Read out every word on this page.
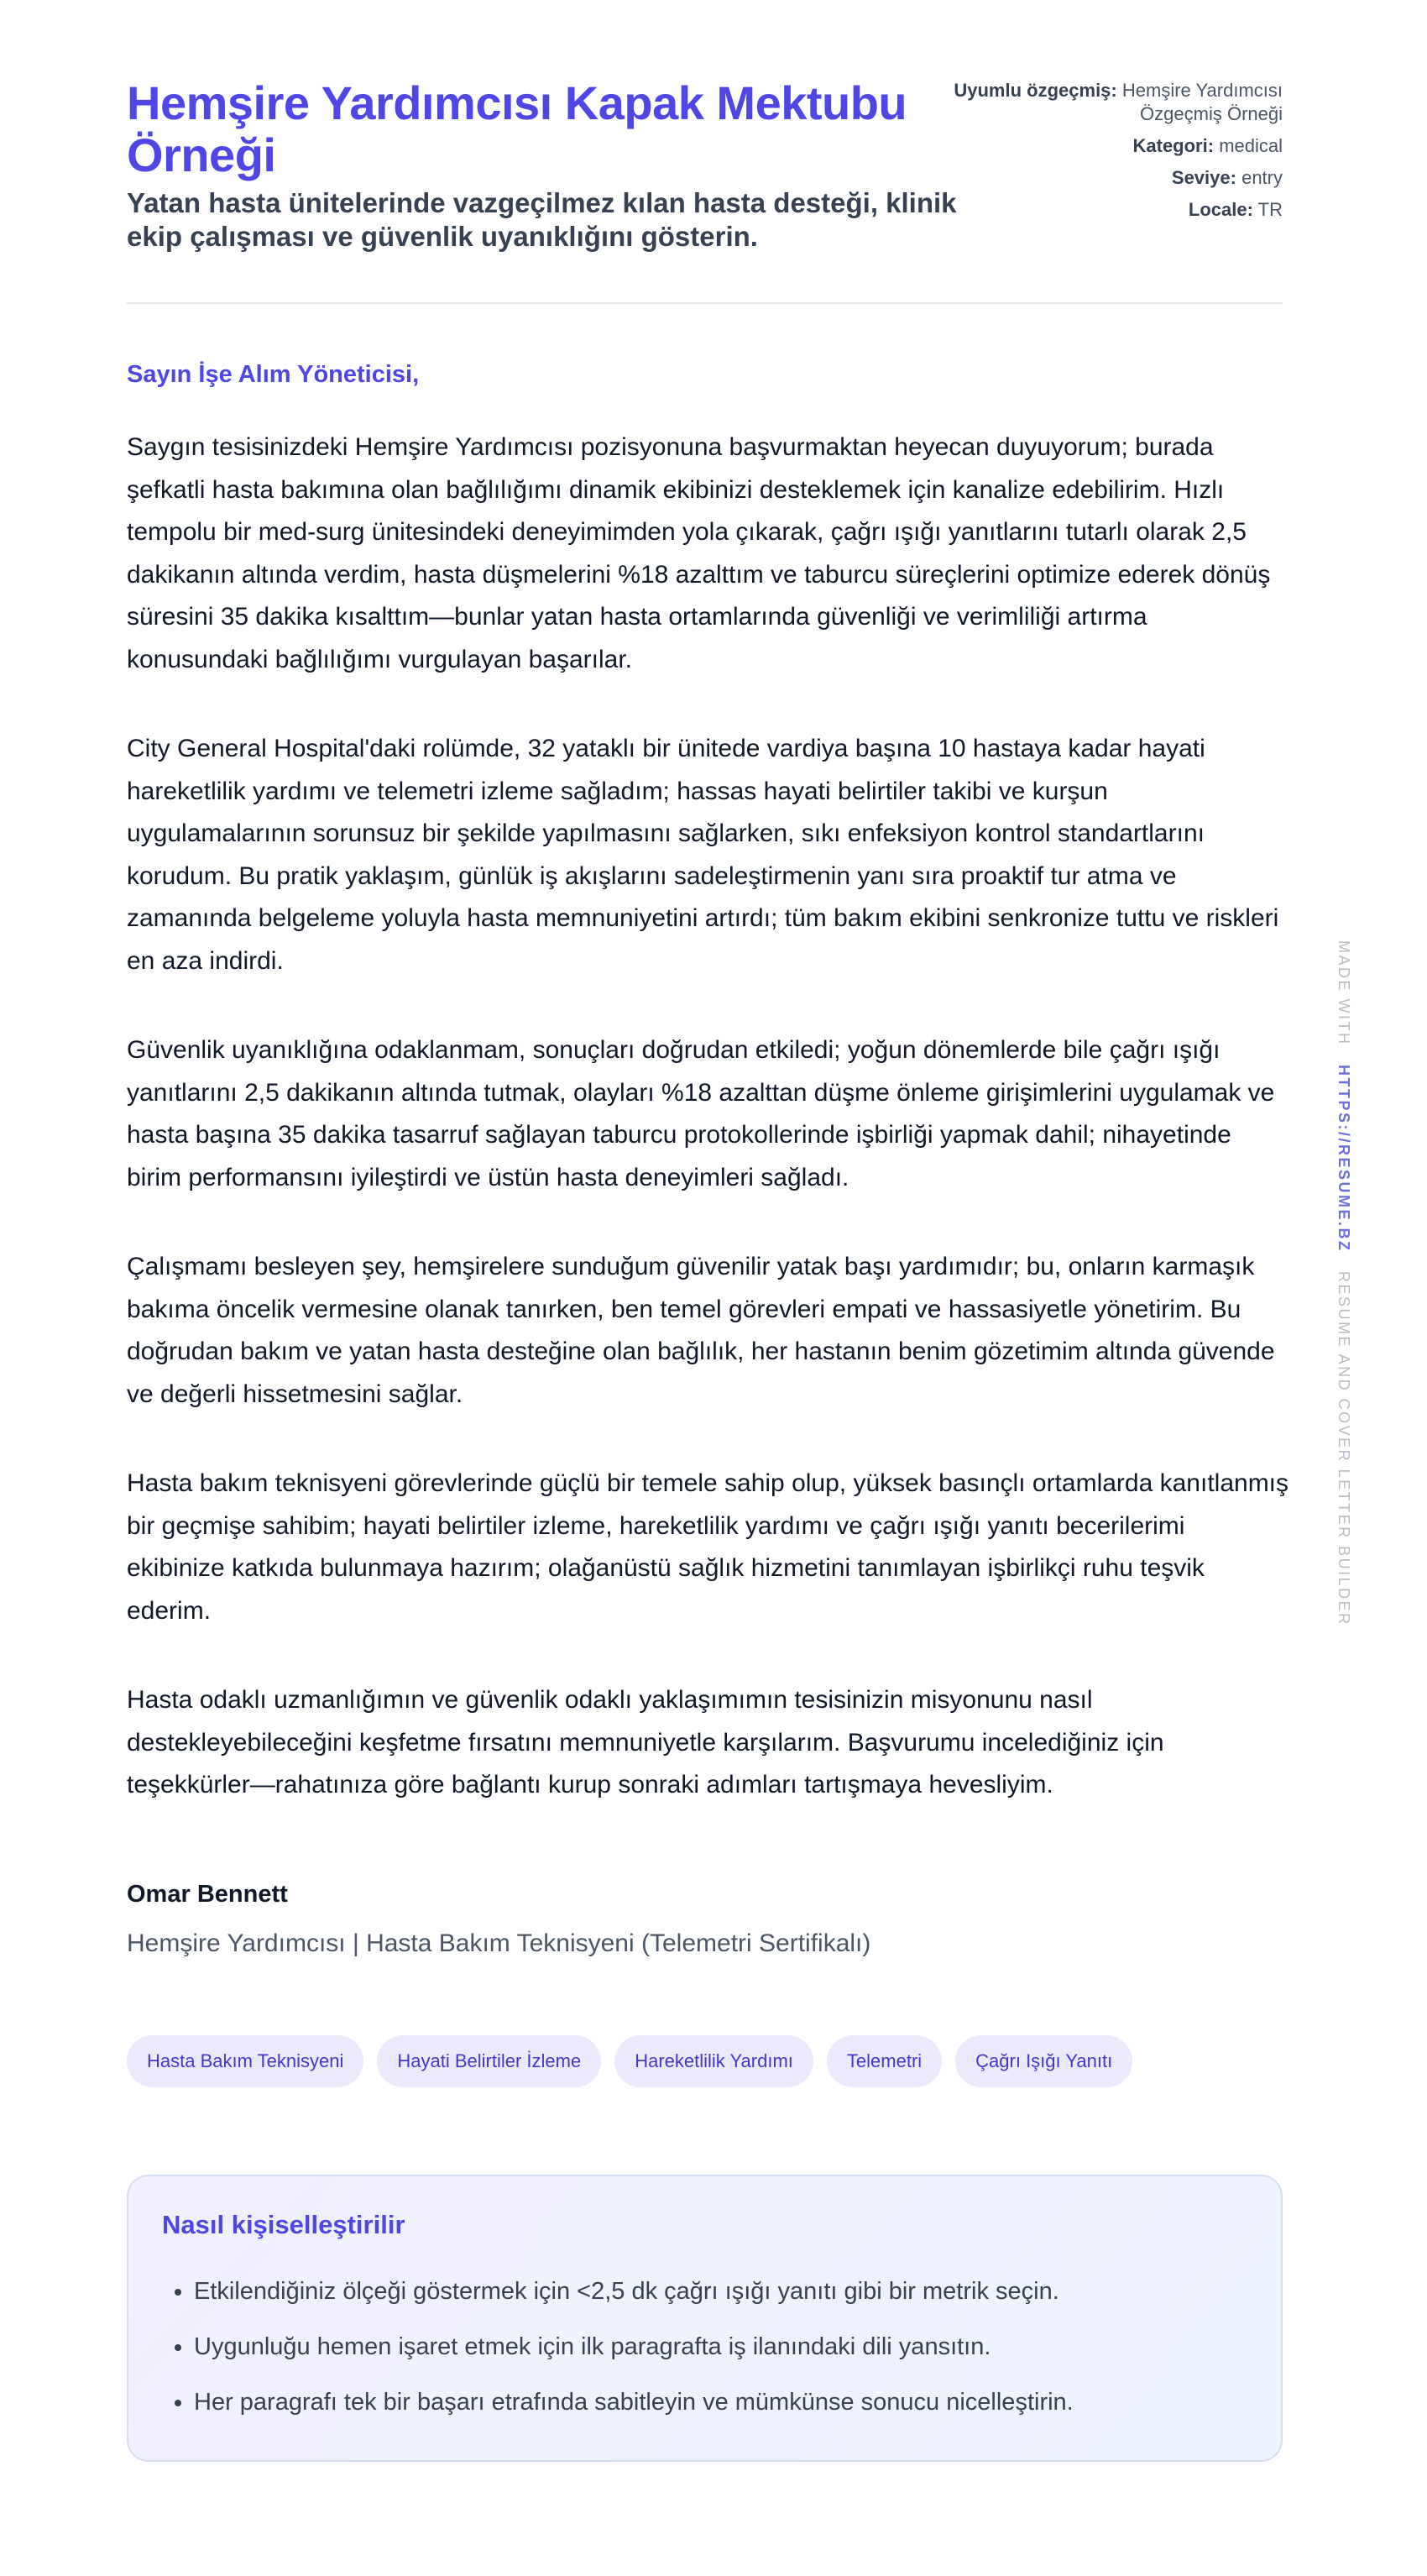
Hemşire Yardımcısı Kapak Mektubu Örneği

Yatan hasta ünitelerinde vazgeçilmez kılan hasta desteği, klinik ekip çalışması ve güvenlik uyanıklığını gösterin.

Uyumlu özgeçmiş: Hemşire Yardımcısı Özgeçmiş Örneği
Kategori: medical
Seviye: entry
Locale: TR
Sayın İşe Alım Yöneticisi,

Saygın tesisinizdeki Hemşire Yardımcısı pozisyonuna başvurmaktan heyecan duyuyorum; burada şefkatli hasta bakımına olan bağlılığımı dinamik ekibinizi desteklemek için kanalize edebilirim. Hızlı tempolu bir med-surg ünitesindeki deneyimimden yola çıkarak, çağrı ışığı yanıtlarını tutarlı olarak 2,5 dakikanın altında verdim, hasta düşmelerini %18 azalttım ve taburcu süreçlerini optimize ederek dönüş süresini 35 dakika kısalttım—bunlar yatan hasta ortamlarında güvenliği ve verimliliği artırma konusundaki bağlılığımı vurgulayan başarılar.

City General Hospital'daki rolümde, 32 yataklı bir ünitede vardiya başına 10 hastaya kadar hayati hareketlilik yardımı ve telemetri izleme sağladım; hassas hayati belirtiler takibi ve kurşun uygulamalarının sorunsuz bir şekilde yapılmasını sağlarken, sıkı enfeksiyon kontrol standartlarını korudum. Bu pratik yaklaşım, günlük iş akışlarını sadeleştirmenin yanı sıra proaktif tur atma ve zamanında belgeleme yoluyla hasta memnuniyetini artırdı; tüm bakım ekibini senkronize tuttu ve riskleri en aza indirdi.

Güvenlik uyanıklığına odaklanmam, sonuçları doğrudan etkiledi; yoğun dönemlerde bile çağrı ışığı yanıtlarını 2,5 dakikanın altında tutmak, olayları %18 azalttan düşme önleme girişimlerini uygulamak ve hasta başına 35 dakika tasarruf sağlayan taburcu protokollerinde işbirliği yapmak dahil; nihayetinde birim performansını iyileştirdi ve üstün hasta deneyimleri sağladı.

Çalışmamı besleyen şey, hemşirelere sunduğum güvenilir yatak başı yardımıdır; bu, onların karmaşık bakıma öncelik vermesine olanak tanırken, ben temel görevleri empati ve hassasiyetle yönetirim. Bu doğrudan bakım ve yatan hasta desteğine olan bağlılık, her hastanın benim gözetimim altında güvende ve değerli hissetmesini sağlar.

Hasta bakım teknisyeni görevlerinde güçlü bir temele sahip olup, yüksek basınçlı ortamlarda kanıtlanmış bir geçmişe sahibim; hayati belirtiler izleme, hareketlilik yardımı ve çağrı ışığı yanıtı becerilerimi ekibinize katkıda bulunmaya hazırım; olağanüstü sağlık hizmetini tanımlayan işbirlikçi ruhu teşvik ederim.

Hasta odaklı uzmanlığımın ve güvenlik odaklı yaklaşımımın tesisinizin misyonunu nasıl destekleyebileceğini keşfetme fırsatını memnuniyetle karşılarım. Başvurumu incelediğiniz için teşekkürler—rahatınıza göre bağlantı kurup sonraki adımları tartışmaya hevesliyim.

Omar Bennett
Hemşire Yardımcısı | Hasta Bakım Teknisyeni (Telemetri Sertifikalı)
Hasta Bakım Teknisyeni	Hayati Belirtiler İzleme	Hareketlilik Yardımı	Telemetri	Çağrı Işığı Yanıtı
Nasıl kişiselleştirilir
• Etkilendiğiniz ölçeği göstermek için <2,5 dk çağrı ışığı yanıtı gibi bir metrik seçin.
• Uygunluğu hemen işaret etmek için ilk paragrafta iş ilanındaki dili yansıtın.
• Her paragrafı tek bir başarı etrafında sabitleyin ve mümkünse sonucu nicelleştirin.
MADE WITH   HTTPS://RESUME.BZ   RESUME AND COVER LETTER BUILDER
